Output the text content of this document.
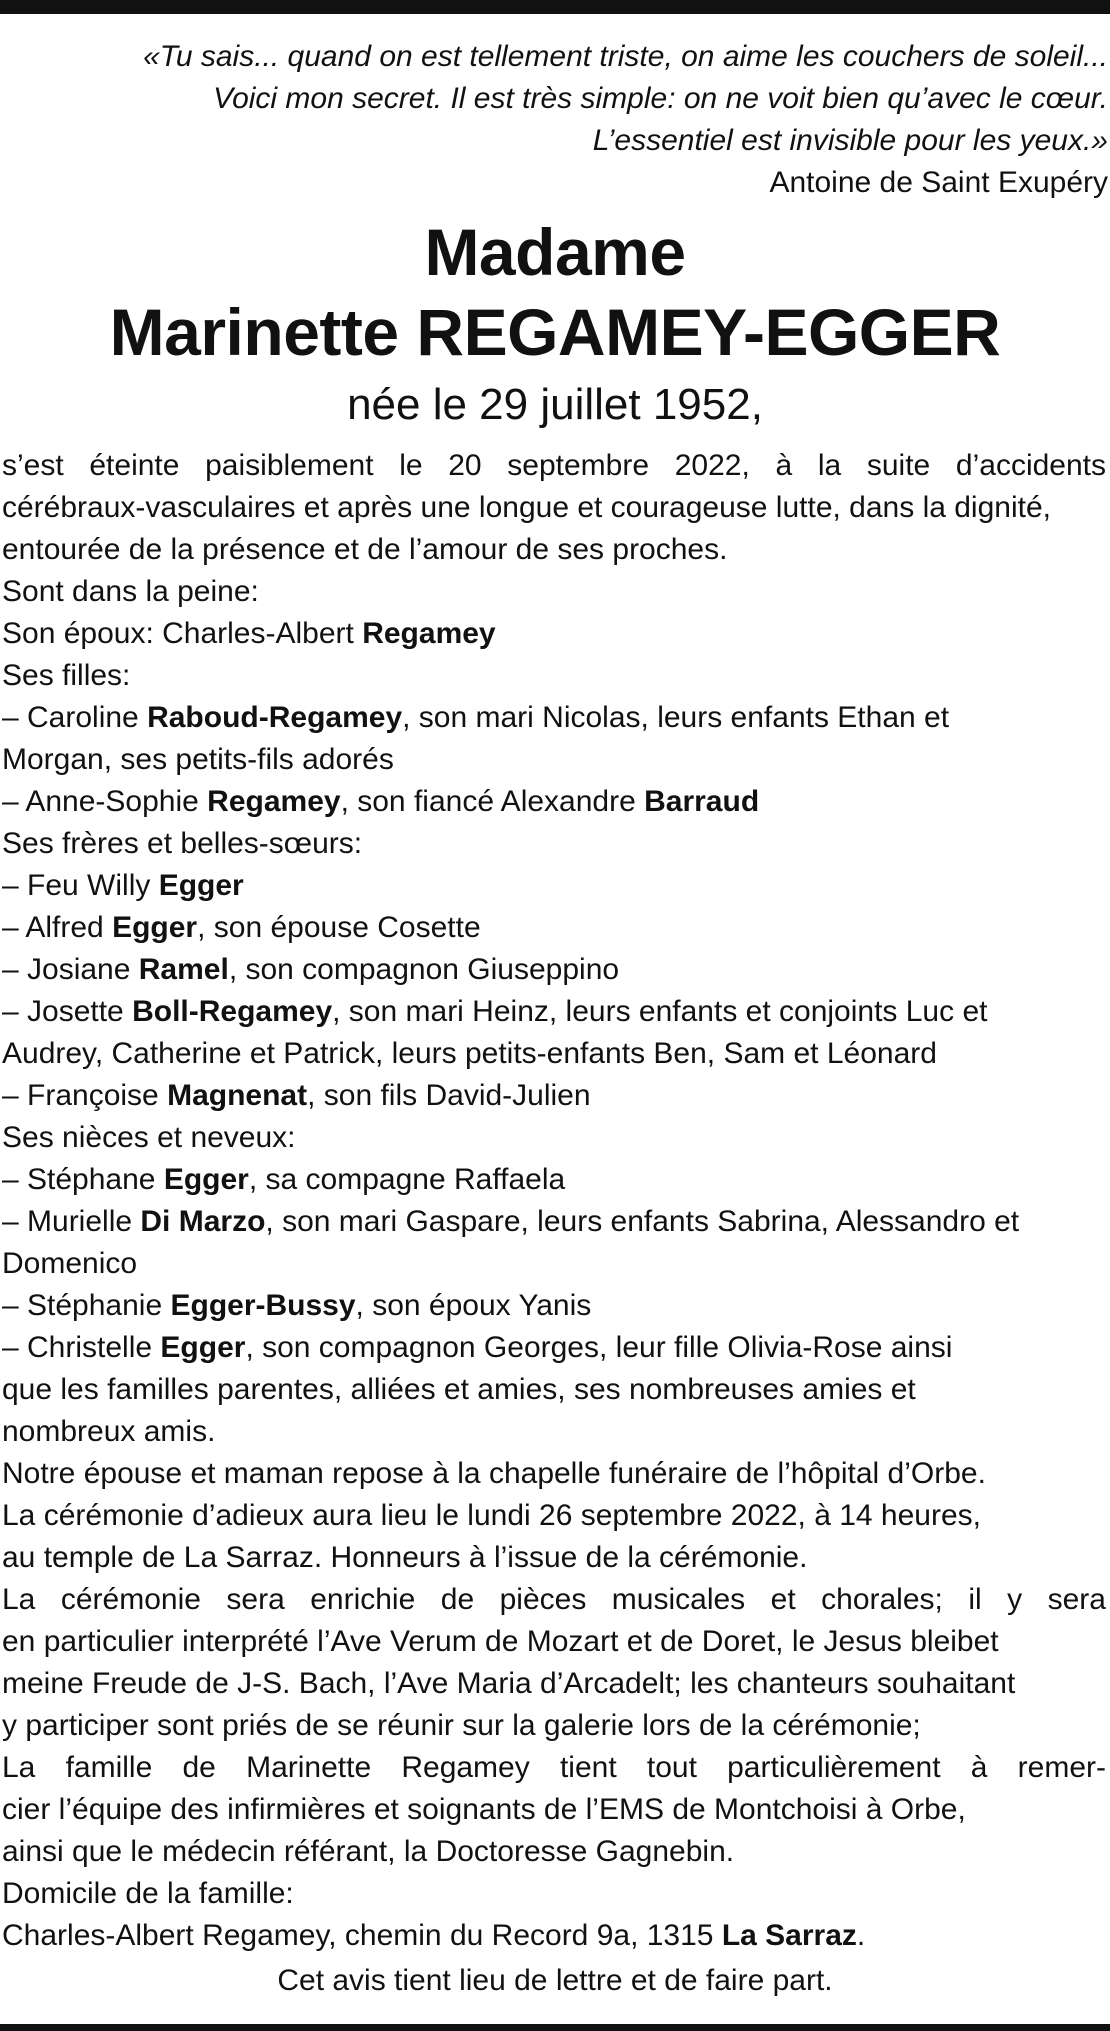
«Tu sais... quand on est tellement triste, on aime les couchers de soleil...
Voici mon secret. Il est très simple: on ne voit bien qu’avec le cœur.
L’essentiel est invisible pour les yeux.»
Antoine de Saint Exupéry
Madame
Marinette REGAMEY-EGGER
née le 29 juillet 1952,
s’est éteinte paisiblement le 20 septembre 2022, à la suite d’accidents
cérébraux-vasculaires et après une longue et courageuse lutte, dans la dignité,
entourée de la présence et de l’amour de ses proches.
Sont dans la peine:
Son époux: Charles-Albert Regamey
Ses filles:
– Caroline Raboud-Regamey, son mari Nicolas, leurs enfants Ethan et
Morgan, ses petits-fils adorés
– Anne-Sophie Regamey, son fiancé Alexandre Barraud
Ses frères et belles-sœurs:
– Feu Willy Egger
– Alfred Egger, son épouse Cosette
– Josiane Ramel, son compagnon Giuseppino
– Josette Boll-Regamey, son mari Heinz, leurs enfants et conjoints Luc et
Audrey, Catherine et Patrick, leurs petits-enfants Ben, Sam et Léonard
– Françoise Magnenat, son fils David-Julien
Ses nièces et neveux:
– Stéphane Egger, sa compagne Raffaela
– Murielle Di Marzo, son mari Gaspare, leurs enfants Sabrina, Alessandro et
Domenico
– Stéphanie Egger-Bussy, son époux Yanis
– Christelle Egger, son compagnon Georges, leur fille Olivia-Rose ainsi
que les familles parentes, alliées et amies, ses nombreuses amies et
nombreux amis.
Notre épouse et maman repose à la chapelle funéraire de l’hôpital d’Orbe.
La cérémonie d’adieux aura lieu le lundi 26 septembre 2022, à 14 heures,
au temple de La Sarraz. Honneurs à l’issue de la cérémonie.
La cérémonie sera enrichie de pièces musicales et chorales; il y sera
en particulier interprété l’Ave Verum de Mozart et de Doret, le Jesus bleibet
meine Freude de J-S. Bach, l’Ave Maria d’Arcadelt; les chanteurs souhaitant
y participer sont priés de se réunir sur la galerie lors de la cérémonie;
La famille de Marinette Regamey tient tout particulièrement à remer-
cier l’équipe des infirmières et soignants de l’EMS de Montchoisi à Orbe,
ainsi que le médecin référant, la Doctoresse Gagnebin.
Domicile de la famille:
Charles-Albert Regamey, chemin du Record 9a, 1315 La Sarraz.
Cet avis tient lieu de lettre et de faire part.
